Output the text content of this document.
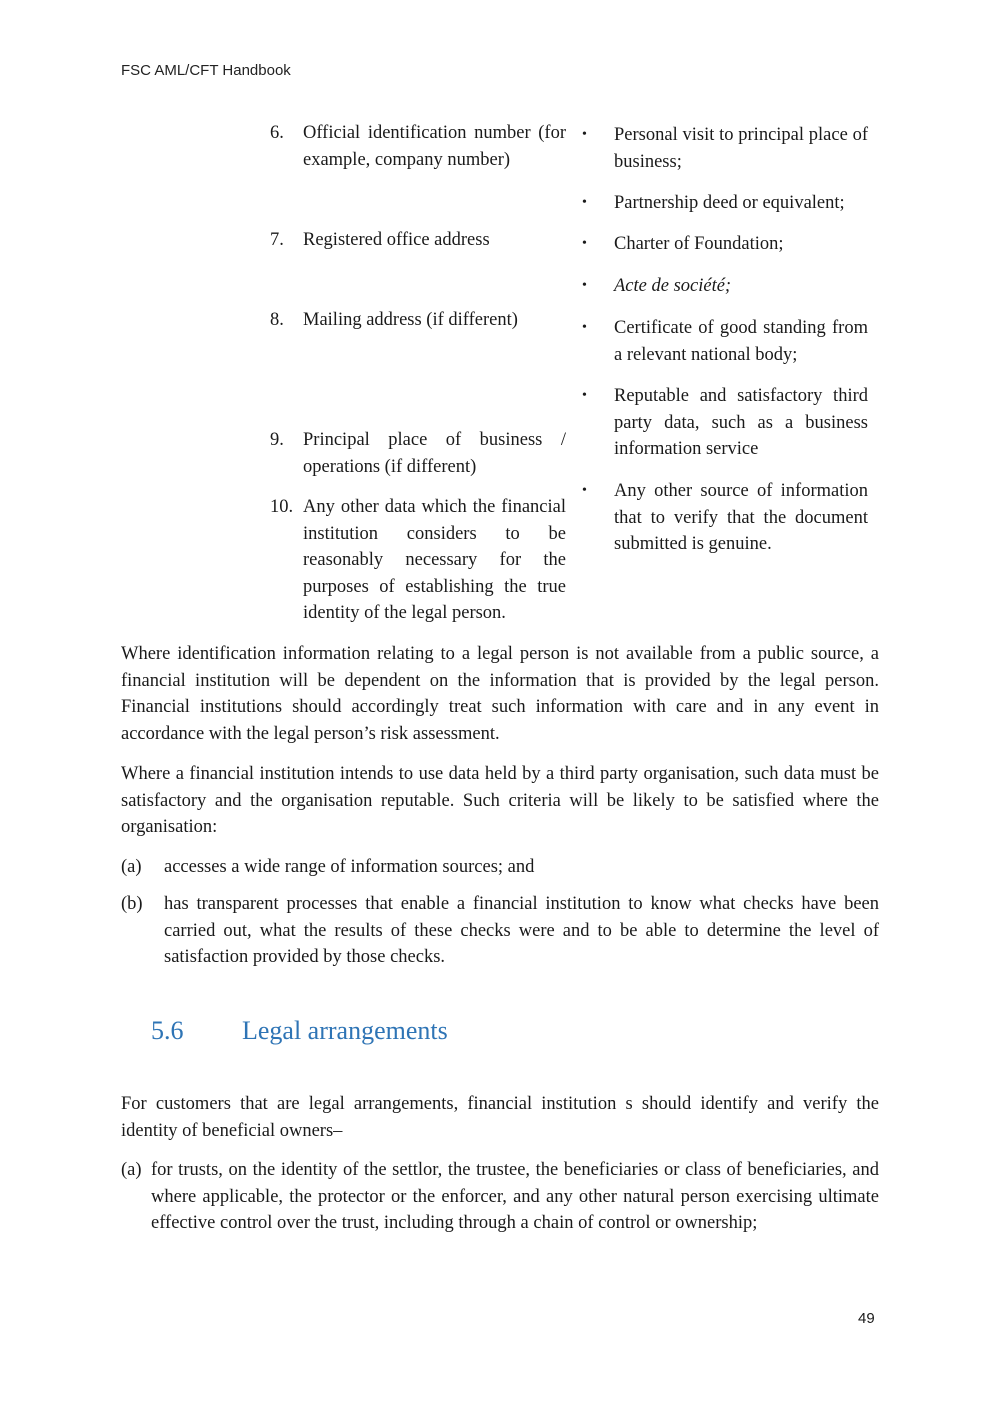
FSC AML/CFT Handbook
6.	Official identification number (for example, company number)
7.	Registered office address
8.	Mailing address (if different)
9.	Principal place of business / operations (if different)
10. Any other data which the financial institution considers to be reasonably necessary for the purposes of establishing the true identity of the legal person.
•	Personal visit to principal place of business;
•	Partnership deed or equivalent;
•	Charter of Foundation;
•	Acte de société;
•	Certificate of good standing from a relevant national body;
•	Reputable and satisfactory third party data, such as a business information service
•	Any other source of information that to verify that the document submitted is genuine.

Where identification information relating to a legal person is not available from a public source, a financial institution will be dependent on the information that is provided by the legal person. Financial institutions should accordingly treat such information with care and in any event in accordance with the legal person’s risk assessment.

Where a financial institution intends to use data held by a third party organisation, such data must be satisfactory and the organisation reputable. Such criteria will be likely to be satisfied where the organisation:

(a)	accesses a wide range of information sources; and
(b)	has transparent processes that enable a financial institution to know what checks have been carried out, what the results of these checks were and to be able to determine the level of satisfaction provided by those checks.
5.6	Legal arrangements

For customers that are legal arrangements, financial institution s should identify and verify the identity of beneficial owners–

(a) for trusts, on the identity of the settlor, the trustee, the beneficiaries or class of beneficiaries, and where applicable, the protector or the enforcer, and any other natural person exercising ultimate effective control over the trust, including through a chain of control or ownership;
49
